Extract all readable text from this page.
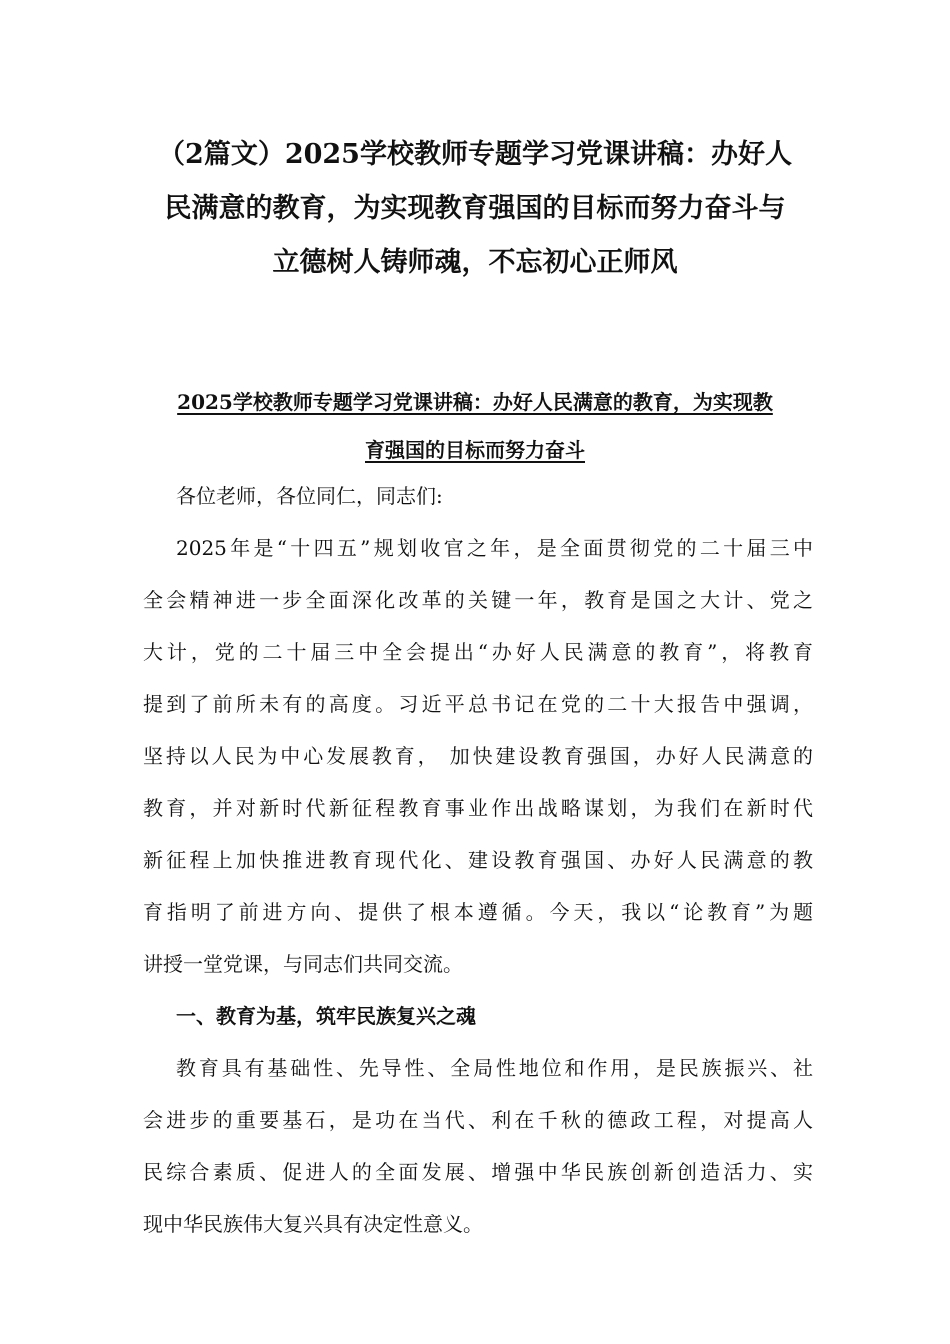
（2篇文）2025学校教师专题学习党课讲稿：办好人
民满意的教育，为实现教育强国的目标而努力奋斗与
立德树人铸师魂，不忘初心正师风
2025学校教师专题学习党课讲稿：办好人民满意的教育，为实现教
育强国的目标而努力奋斗
各位老师，各位同仁，同志们:
2025年是“十四五”规划收官之年，是全面贯彻党的二十届三中
全会精神进一步全面深化改革的关键一年，教育是国之大计、党之
大计，党的二十届三中全会提出“办好人民满意的教育”，将教育
提到了前所未有的高度。习近平总书记在党的二十大报告中强调，
坚持以人民为中心发展教育， 加快建设教育强国，办好人民满意的
教育，并对新时代新征程教育事业作出战略谋划，为我们在新时代
新征程上加快推进教育现代化、建设教育强国、办好人民满意的教
育指明了前进方向、提供了根本遵循。今天，我以“论教育”为题
讲授一堂党课，与同志们共同交流。
一、教育为基，筑牢民族复兴之魂
教育具有基础性、先导性、全局性地位和作用，是民族振兴、社
会进步的重要基石，是功在当代、利在千秋的德政工程，对提高人
民综合素质、促进人的全面发展、增强中华民族创新创造活力、实
现中华民族伟大复兴具有决定性意义。
